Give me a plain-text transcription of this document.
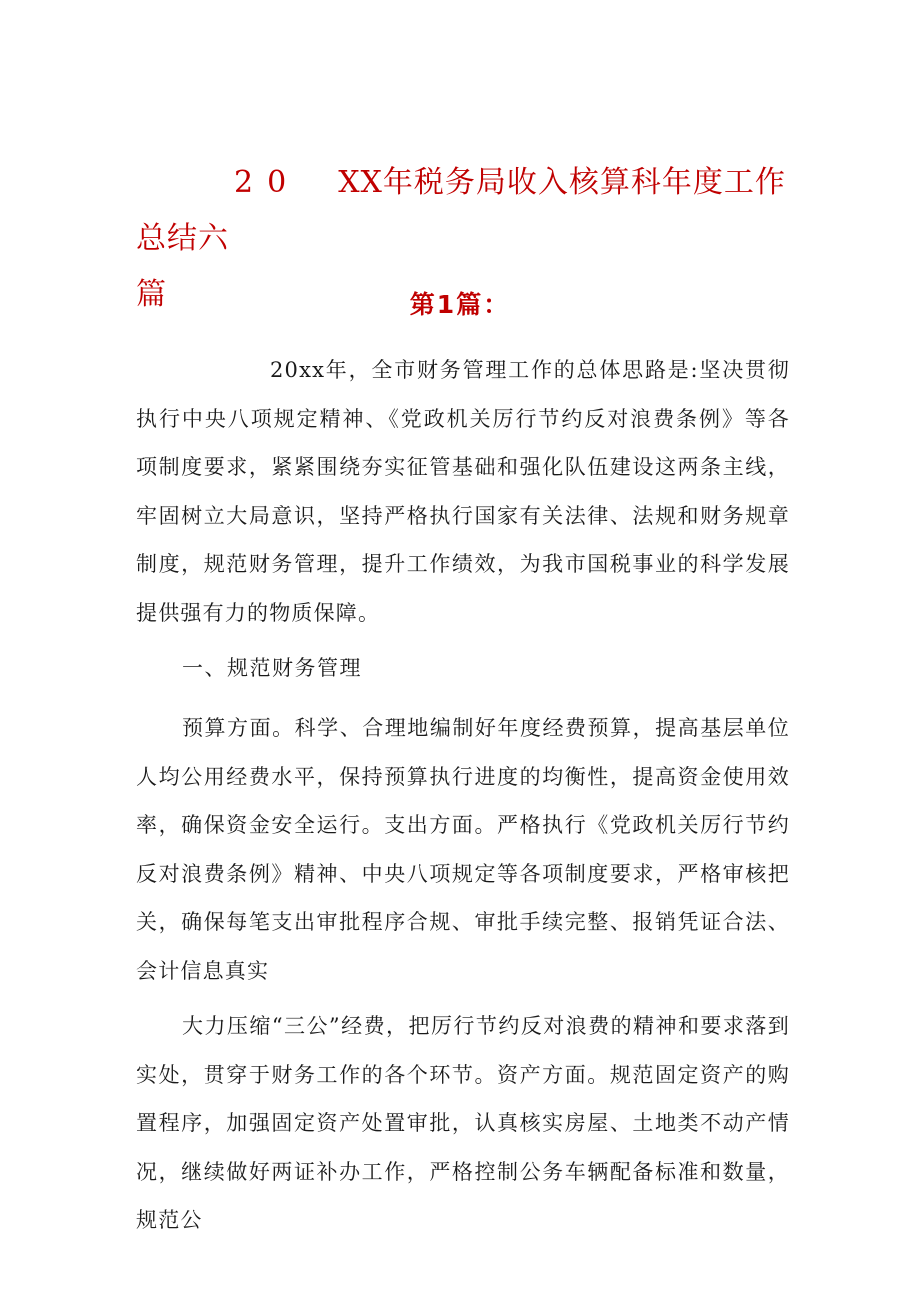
20 XX年税务局收入核算科年度工作总结六
篇	第1篇：

20xx年，全市财务管理工作的总体思路是:坚决贯彻执行中央八项规定精神、《党政机关厉行节约反对浪费条例》等各项制度要求，紧紧围绕夯实征管基础和强化队伍建设这两条主线，牢固树立大局意识，坚持严格执行国家有关法律、法规和财务规章制度，规范财务管理，提升工作绩效，为我市国税事业的科学发展提供强有力的物质保障。

一、规范财务管理

预算方面。科学、合理地编制好年度经费预算，提高基层单位人均公用经费水平，保持预算执行进度的均衡性，提高资金使用效率，确保资金安全运行。支出方面。严格执行《党政机关厉行节约反对浪费条例》精神、中央八项规定等各项制度要求，严格审核把关，确保每笔支出审批程序合规、审批手续完整、报销凭证合法、会计信息真实

大力压缩“三公”经费，把厉行节约反对浪费的精神和要求落到实处，贯穿于财务工作的各个环节。资产方面。规范固定资产的购置程序，加强固定资产处置审批，认真核实房屋、土地类不动产情况，继续做好两证补办工作，严格控制公务车辆配备标准和数量，规范公
